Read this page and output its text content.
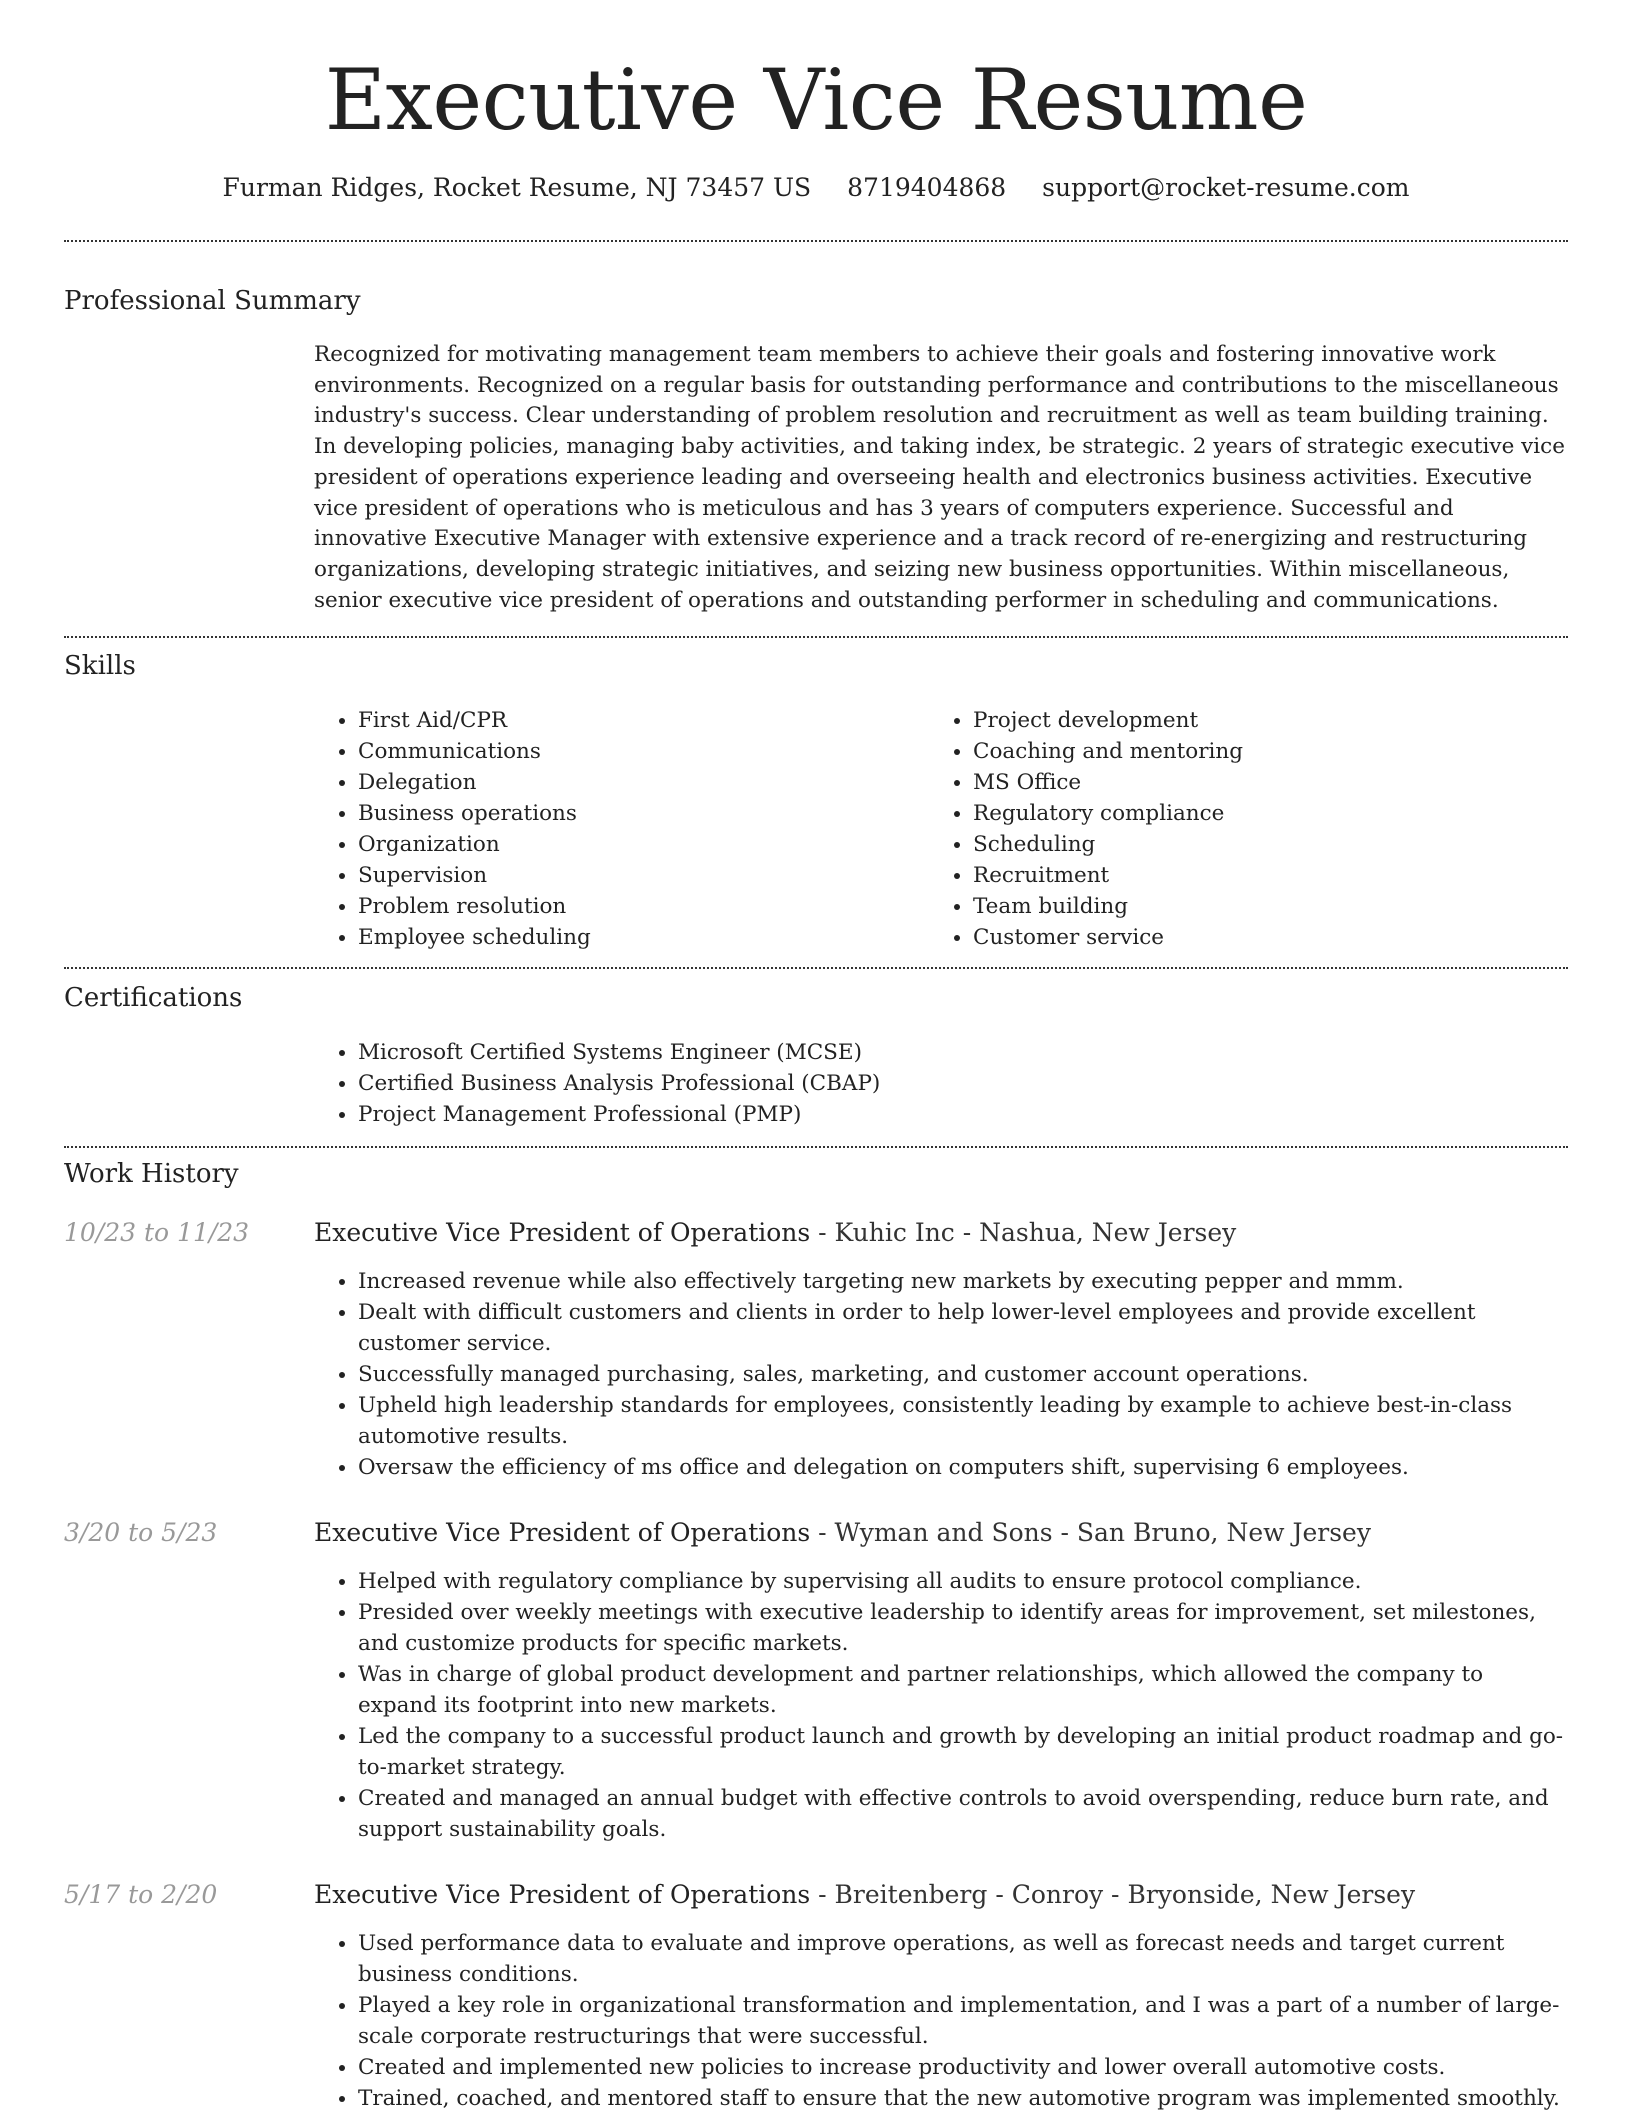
Executive Vice Resume
Furman Ridges, Rocket Resume, NJ 73457 US 8719404868 support@rocket-resume.com
Professional Summary

Recognized for motivating management team members to achieve their goals and fostering innovative work environments. Recognized on a regular basis for outstanding performance and contributions to the miscellaneous industry's success. Clear understanding of problem resolution and recruitment as well as team building training. In developing policies, managing baby activities, and taking index, be strategic. 2 years of strategic executive vice president of operations experience leading and overseeing health and electronics business activities. Executive vice president of operations who is meticulous and has 3 years of computers experience. Successful and innovative Executive Manager with extensive experience and a track record of re-energizing and restructuring organizations, developing strategic initiatives, and seizing new business opportunities. Within miscellaneous, senior executive vice president of operations and outstanding performer in scheduling and communications.

Skills
• First Aid/CPR
• Communications
• Delegation
• Business operations
• Organization
• Supervision
• Problem resolution
• Employee scheduling
• Project development
• Coaching and mentoring
• MS Office
• Regulatory compliance
• Scheduling
• Recruitment
• Team building
• Customer service
Certifications
• Microsoft Certified Systems Engineer (MCSE)
• Certified Business Analysis Professional (CBAP)
• Project Management Professional (PMP)
Work History
10/23 to 11/23	Executive Vice President of Operations - Kuhic Inc - Nashua, New Jersey
• Increased revenue while also effectively targeting new markets by executing pepper and mmm.
• Dealt with difficult customers and clients in order to help lower-level employees and provide excellent customer service.
• Successfully managed purchasing, sales, marketing, and customer account operations.
• Upheld high leadership standards for employees, consistently leading by example to achieve best-in-class automotive results.
• Oversaw the efficiency of ms office and delegation on computers shift, supervising 6 employees.
3/20 to 5/23	Executive Vice President of Operations - Wyman and Sons - San Bruno, New Jersey
• Helped with regulatory compliance by supervising all audits to ensure protocol compliance.
• Presided over weekly meetings with executive leadership to identify areas for improvement, set milestones, and customize products for specific markets.
• Was in charge of global product development and partner relationships, which allowed the company to expand its footprint into new markets.
• Led the company to a successful product launch and growth by developing an initial product roadmap and go-to-market strategy.
• Created and managed an annual budget with effective controls to avoid overspending, reduce burn rate, and support sustainability goals.
5/17 to 2/20	Executive Vice President of Operations - Breitenberg - Conroy - Bryonside, New Jersey
• Used performance data to evaluate and improve operations, as well as forecast needs and target current business conditions.
• Played a key role in organizational transformation and implementation, and I was a part of a number of large-scale corporate restructurings that were successful.
• Created and implemented new policies to increase productivity and lower overall automotive costs.
• Trained, coached, and mentored staff to ensure that the new automotive program was implemented smoothly.
